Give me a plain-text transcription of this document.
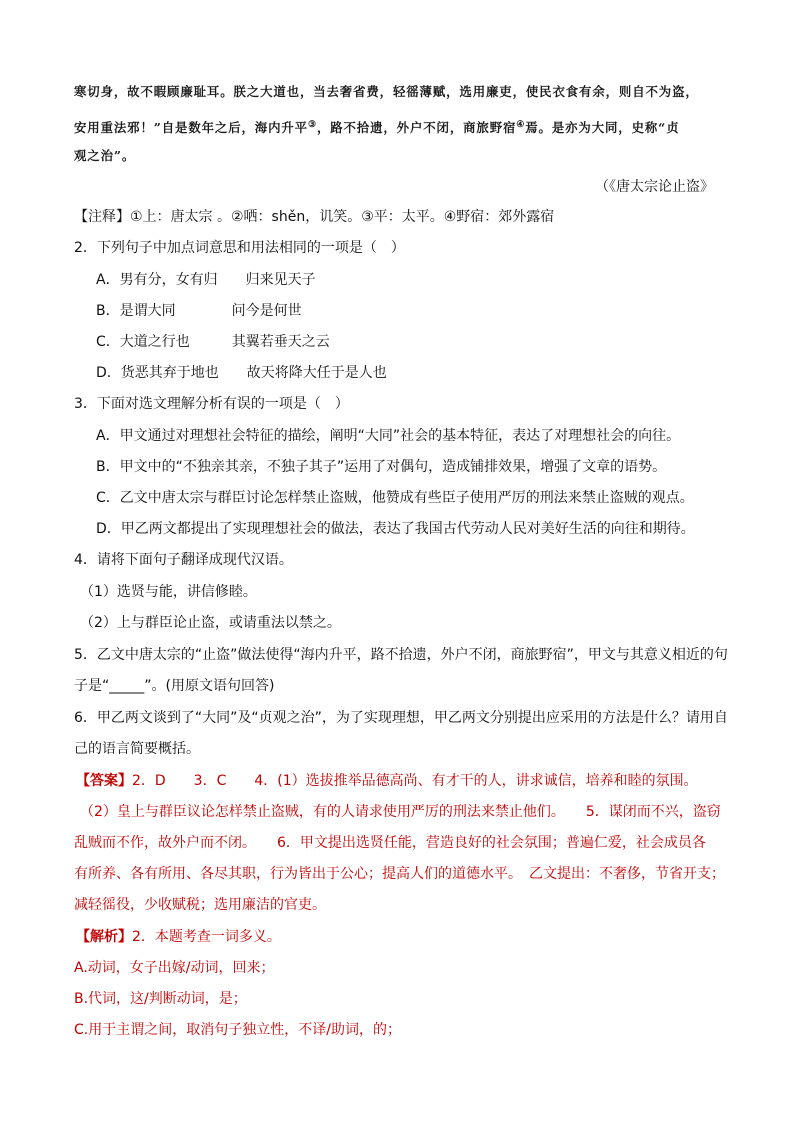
寒切身，故不暇顾廉耻耳。朕之大道也，当去奢省费，轻徭薄赋，选用廉吏，使民衣食有余，则自不为盗，
安用重法邪！”自是数年之后，海内升平③，路不拾遗，外户不闭，商旅野宿④焉。是亦为大同，史称“贞
观之治”。
（《唐太宗论止盗》
【注释】①上：唐太宗 。②哂：shěn，讥笑。③平：太平。④野宿：郊外露宿
2．下列句子中加点词意思和用法相同的一项是（　）
A．男有分，女有归　　归来见天子
B．是谓大同　　　　问今是何世
C．大道之行也　　　其翼若垂天之云
D．货恶其弃于地也　　故天将降大任于是人也
3．下面对选文理解分析有误的一项是（　）
A．甲文通过对理想社会特征的描绘，阐明“大同”社会的基本特征，表达了对理想社会的向往。
B．甲文中的“不独亲其亲，不独子其子”运用了对偶句，造成铺排效果，增强了文章的语势。
C．乙文中唐太宗与群臣讨论怎样禁止盗贼，他赞成有些臣子使用严厉的刑法来禁止盗贼的观点。
D．甲乙两文都提出了实现理想社会的做法，表达了我国古代劳动人民对美好生活的向往和期待。
4．请将下面句子翻译成现代汉语。
（1）选贤与能，讲信修睦。
（2）上与群臣论止盗，或请重法以禁之。
5．乙文中唐太宗的“止盗”做法使得“海内升平，路不拾遗，外户不闭，商旅野宿”，甲文与其意义相近的句
子是“_____”。(用原文语句回答)
6．甲乙两文谈到了“大同”及“贞观之治”，为了实现理想，甲乙两文分别提出应采用的方法是什么？请用自
己的语言简要概括。
【答案】2．D　　3．C　　4．(1）选拔推举品德高尚、有才干的人，讲求诚信，培养和睦的氛围。
（2）皇上与群臣议论怎样禁止盗贼，有的人请求使用严厉的刑法来禁止他们。　　5．谋闭而不兴，盗窃
乱贼而不作，故外户而不闭。　　6．甲文提出选贤任能，营造良好的社会氛围；普遍仁爱，社会成员各
有所养、各有所用、各尽其职，行为皆出于公心；提高人们的道德水平。　乙文提出：不奢侈，节省开支；
减轻徭役，少收赋税；选用廉洁的官吏。
【解析】2．本题考查一词多义。
A.动词，女子出嫁/动词，回来；
B.代词，这/判断动词，是；
C.用于主谓之间，取消句子独立性，不译/助词，的；
